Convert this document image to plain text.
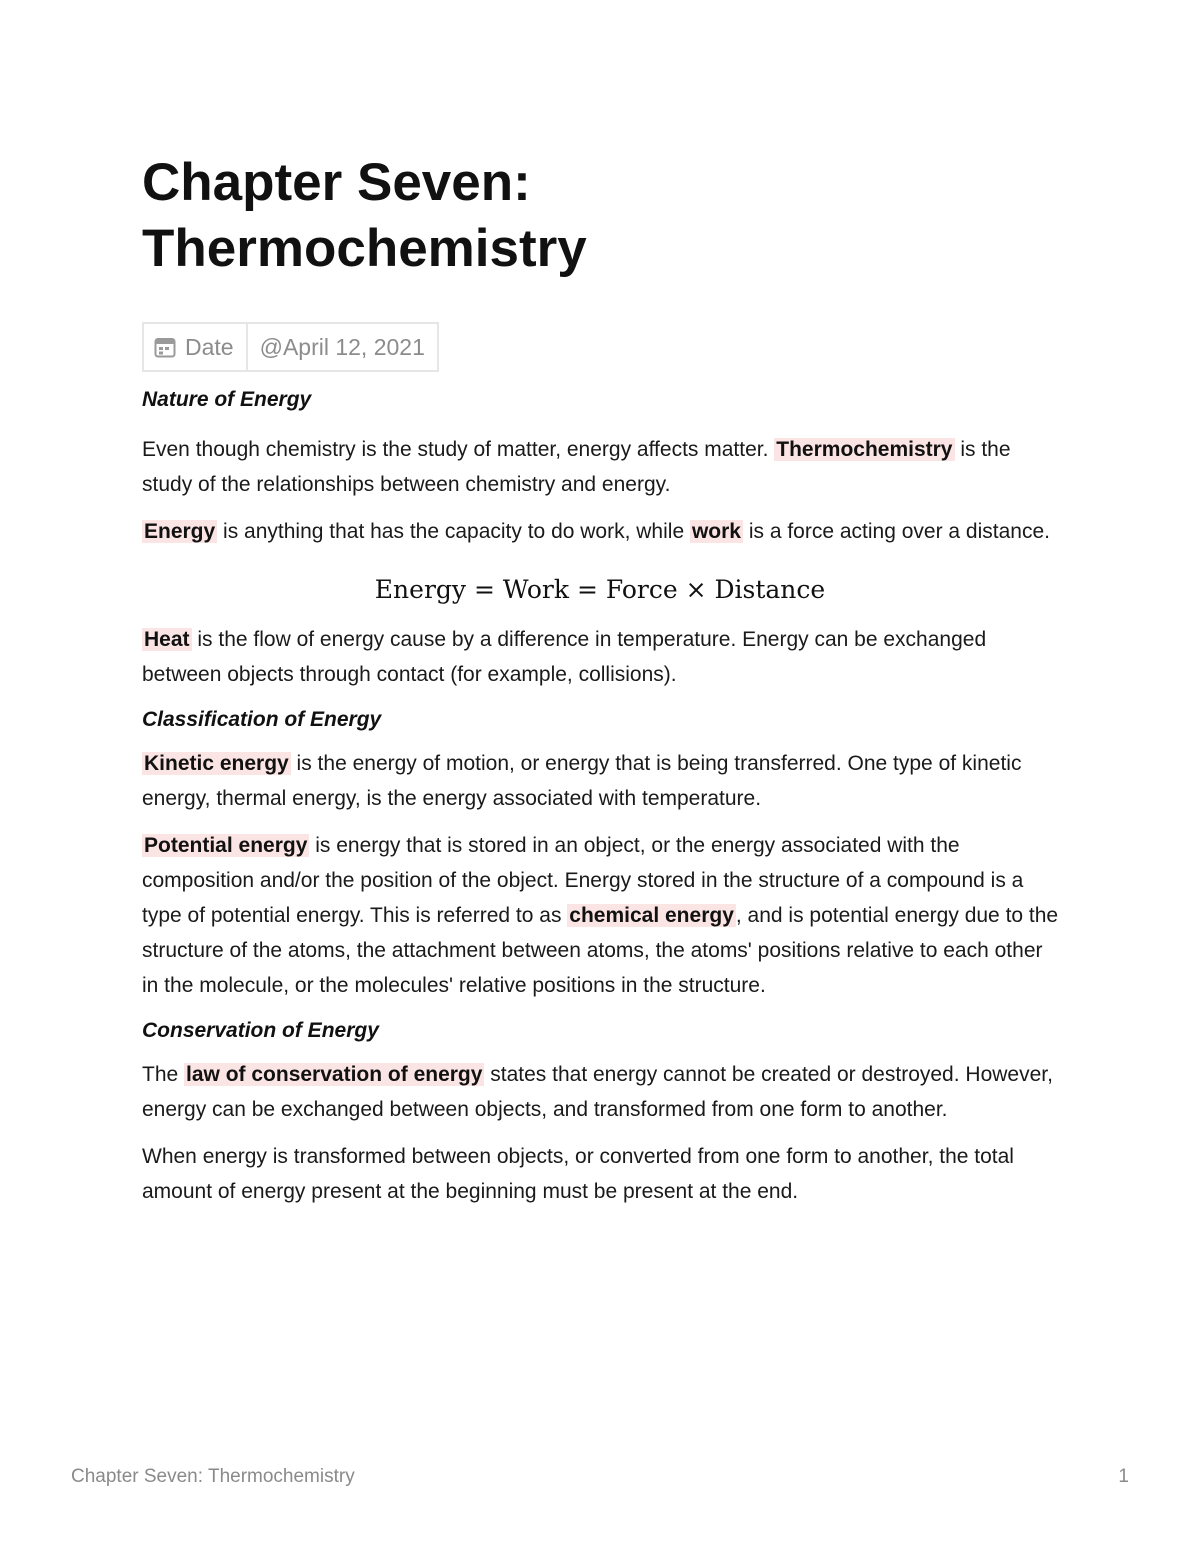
Chapter Seven:
Thermochemistry
Date @April 12, 2021
Nature of Energy

Even though chemistry is the study of matter, energy affects matter. Thermochemistry is the study of the relationships between chemistry and energy.

Energy is anything that has the capacity to do work, while work is a force acting over a distance.

Energy = Work = Force × Distance

Heat is the flow of energy cause by a difference in temperature. Energy can be exchanged between objects through contact (for example, collisions).

Classification of Energy

Kinetic energy is the energy of motion, or energy that is being transferred. One type of kinetic energy, thermal energy, is the energy associated with temperature.

Potential energy is energy that is stored in an object, or the energy associated with the composition and/or the position of the object. Energy stored in the structure of a compound is a type of potential energy. This is referred to as chemical energy, and is potential energy due to the structure of the atoms, the attachment between atoms, the atoms' positions relative to each other in the molecule, or the molecules' relative positions in the structure.

Conservation of Energy

The law of conservation of energy states that energy cannot be created or destroyed. However, energy can be exchanged between objects, and transformed from one form to another.

When energy is transformed between objects, or converted from one form to another, the total amount of energy present at the beginning must be present at the end.

Chapter Seven: Thermochemistry	1
